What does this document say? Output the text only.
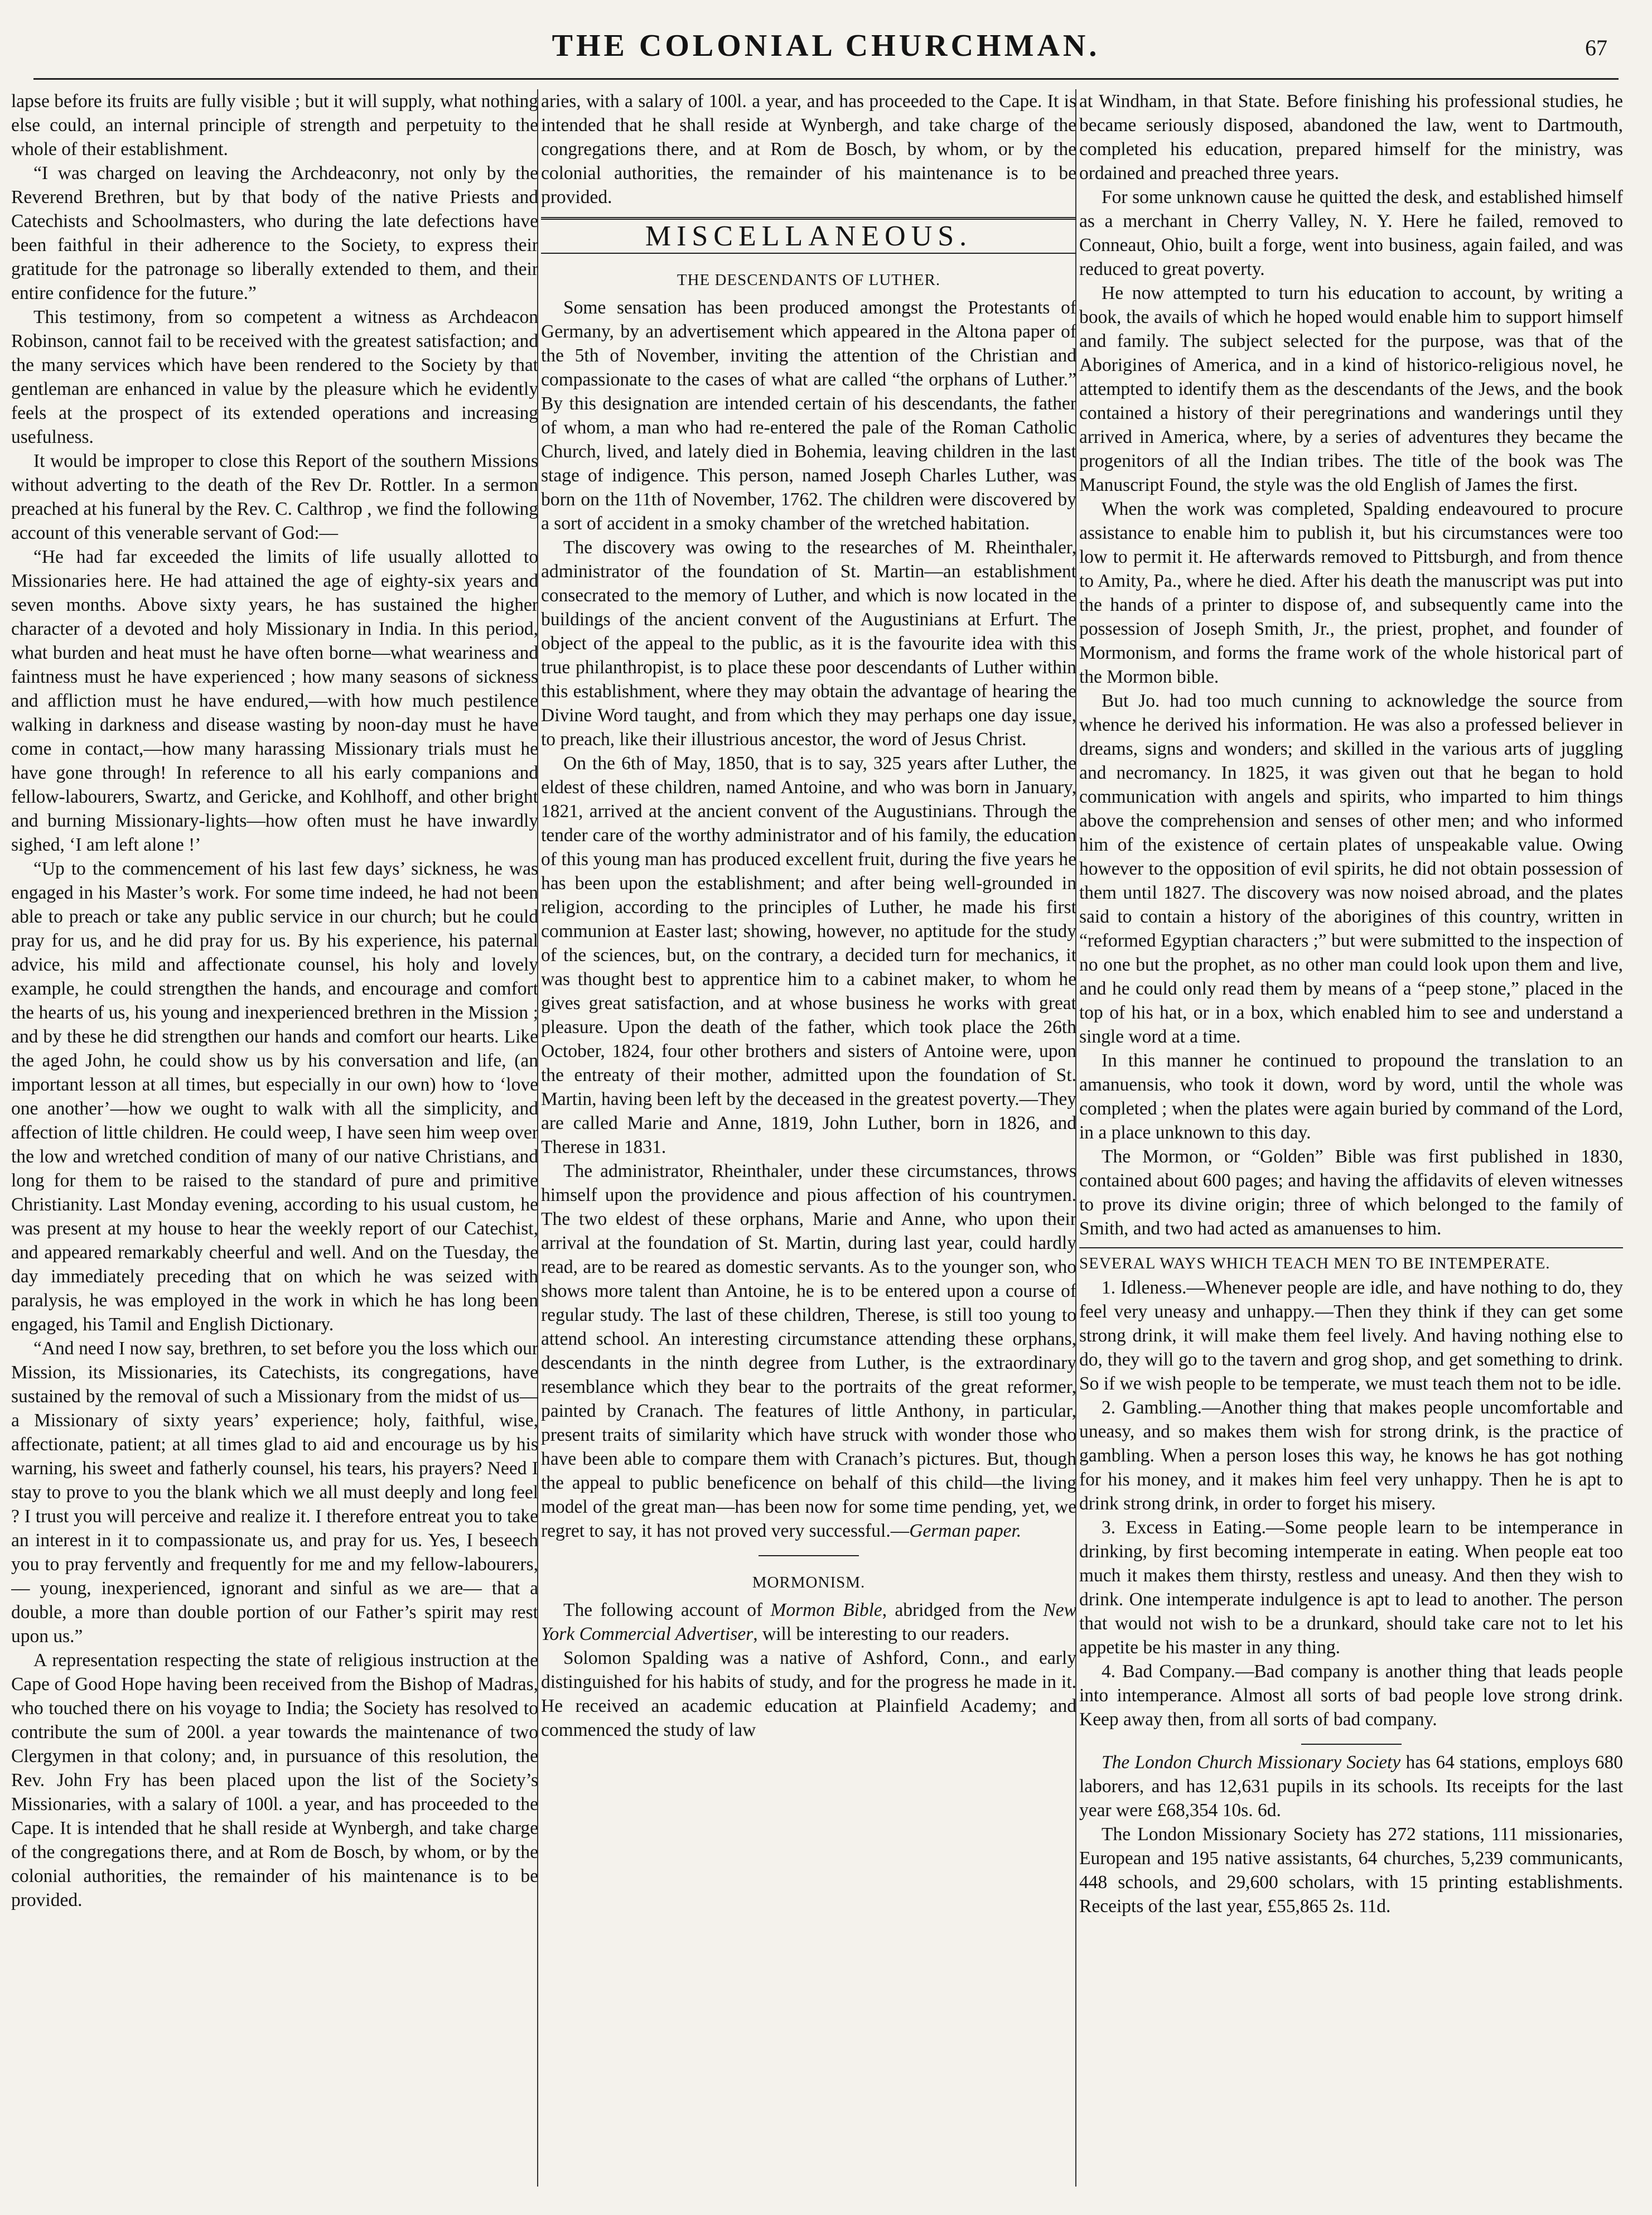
THE COLONIAL CHURCHMAN.	67

lapse before its fruits are fully visible ; but it will supply, what nothing else could, an internal principle of strength and perpetuity to the whole of their establishment.

“I was charged on leaving the Archdeaconry, not only by the Reverend Brethren, but by that body of the native Priests and Catechists and Schoolmasters, who during the late defections have been faithful in their adherence to the Society, to express their gratitude for the patronage so liberally extended to them, and their entire confidence for the future.”

This testimony, from so competent a witness as Archdeacon Robinson, cannot fail to be received with the greatest satisfaction; and the many services which have been rendered to the Society by that gentleman are enhanced in value by the pleasure which he evidently feels at the prospect of its extended operations and increasing usefulness.

It would be improper to close this Report of the southern Missions without adverting to the death of the Rev Dr. Rottler. In a sermon preached at his funeral by the Rev. C. Calthrop , we find the following account of this venerable servant of God:—

“He had far exceeded the limits of life usually allotted to Missionaries here. He had attained the age of eighty-six years and seven months. Above sixty years, he has sustained the higher character of a devoted and holy Missionary in India. In this period, what burden and heat must he have often borne—what weariness and faintness must he have experienced ; how many seasons of sickness and affliction must he have endured,—with how much pestilence walking in darkness and disease wasting by noon-day must he have come in contact,—how many harassing Missionary trials must he have gone through! In reference to all his early companions and fellow-labourers, Swartz, and Gericke, and Kohlhoff, and other bright and burning Missionary-lights—how often must he have inwardly sighed, ‘I am left alone !’

“Up to the commencement of his last few days’ sickness, he was engaged in his Master’s work. For some time indeed, he had not been able to preach or take any public service in our church; but he could pray for us, and he did pray for us. By his experience, his paternal advice, his mild and affectionate counsel, his holy and lovely example, he could strengthen the hands, and encourage and comfort the hearts of us, his young and inexperienced brethren in the Mission ; and by these he did strengthen our hands and comfort our hearts. Like the aged John, he could show us by his conversation and life, (an important lesson at all times, but especially in our own) how to ‘love one another’—how we ought to walk with all the simplicity, and affection of little children. He could weep, I have seen him weep over the low and wretched condition of many of our native Christians, and long for them to be raised to the standard of pure and primitive Christianity. Last Monday evening, according to his usual custom, he was present at my house to hear the weekly report of our Catechist, and appeared remarkably cheerful and well. And on the Tuesday, the day immediately preceding that on which he was seized with paralysis, he was employed in the work in which he has long been engaged, his Tamil and English Dictionary.

“And need I now say, brethren, to set before you the loss which our Mission, its Missionaries, its Catechists, its congregations, have sustained by the removal of such a Missionary from the midst of us—a Missionary of sixty years’ experience; holy, faithful, wise, affectionate, patient; at all times glad to aid and encourage us by his warning, his sweet and fatherly counsel, his tears, his prayers? Need I stay to prove to you the blank which we all must deeply and long feel ? I trust you will perceive and realize it. I therefore entreat you to take an interest in it to compassionate us, and pray for us. Yes, I beseech you to pray fervently and frequently for me and my fellow-labourers,— young, inexperienced, ignorant and sinful as we are— that a double, a more than double portion of our Father’s spirit may rest upon us.”

A representation respecting the state of religious instruction at the Cape of Good Hope having been received from the Bishop of Madras, who touched there on his voyage to India; the Society has resolved to contribute the sum of 200l. a year towards the maintenance of two Clergymen in that colony; and, in pursuance of this resolution, the Rev. John Fry has been placed upon the list of the Society’s Missionaries, with a salary of 100l. a year, and has proceeded to the Cape. It is intended that he shall reside at Wynbergh, and take charge of the congregations there, and at Rom de Bosch, by whom, or by the colonial authorities, the remainder of his maintenance is to be provided.

aries, with a salary of 100l. a year, and has proceeded to the Cape. It is intended that he shall reside at Wynbergh, and take charge of the congregations there, and at Rom de Bosch, by whom, or by the colonial authorities, the remainder of his maintenance is to be provided.

MISCELLANEOUS.
THE DESCENDANTS OF LUTHER.

Some sensation has been produced amongst the Protestants of Germany, by an advertisement which appeared in the Altona paper of the 5th of November, inviting the attention of the Christian and compassionate to the cases of what are called “the orphans of Luther.” By this designation are intended certain of his descendants, the father of whom, a man who had re-entered the pale of the Roman Catholic Church, lived, and lately died in Bohemia, leaving children in the last stage of indigence. This person, named Joseph Charles Luther, was born on the 11th of November, 1762. The children were discovered by a sort of accident in a smoky chamber of the wretched habitation.

The discovery was owing to the researches of M. Rheinthaler, administrator of the foundation of St. Martin—an establishment consecrated to the memory of Luther, and which is now located in the buildings of the ancient convent of the Augustinians at Erfurt. The object of the appeal to the public, as it is the favourite idea with this true philanthropist, is to place these poor descendants of Luther within this establishment, where they may obtain the advantage of hearing the Divine Word taught, and from which they may perhaps one day issue, to preach, like their illustrious ancestor, the word of Jesus Christ.

On the 6th of May, 1850, that is to say, 325 years after Luther, the eldest of these children, named Antoine, and who was born in January, 1821, arrived at the ancient convent of the Augustinians. Through the tender care of the worthy administrator and of his family, the education of this young man has produced excellent fruit, during the five years he has been upon the establishment; and after being well-grounded in religion, according to the principles of Luther, he made his first communion at Easter last; showing, however, no aptitude for the study of the sciences, but, on the contrary, a decided turn for mechanics, it was thought best to apprentice him to a cabinet maker, to whom he gives great satisfaction, and at whose business he works with great pleasure. Upon the death of the father, which took place the 26th October, 1824, four other brothers and sisters of Antoine were, upon the entreaty of their mother, admitted upon the foundation of St. Martin, having been left by the deceased in the greatest poverty.—They are called Marie and Anne, 1819, John Luther, born in 1826, and Therese in 1831.

The administrator, Rheinthaler, under these circumstances, throws himself upon the providence and pious affection of his countrymen. The two eldest of these orphans, Marie and Anne, who upon their arrival at the foundation of St. Martin, during last year, could hardly read, are to be reared as domestic servants. As to the younger son, who shows more talent than Antoine, he is to be entered upon a course of regular study. The last of these children, Therese, is still too young to attend school. An interesting circumstance attending these orphans, descendants in the ninth degree from Luther, is the extraordinary resemblance which they bear to the portraits of the great reformer, painted by Cranach. The features of little Anthony, in particular, present traits of similarity which have struck with wonder those who have been able to compare them with Cranach’s pictures. But, though the appeal to public beneficence on behalf of this child—the living model of the great man—has been now for some time pending, yet, we regret to say, it has not proved very successful.—German paper.

MORMONISM.

The following account of Mormon Bible, abridged from the New York Commercial Advertiser, will be interesting to our readers.

Solomon Spalding was a native of Ashford, Conn., and early distinguished for his habits of study, and for the progress he made in it. He received an academic education at Plainfield Academy; and commenced the study of law

at Windham, in that State. Before finishing his professional studies, he became seriously disposed, abandoned the law, went to Dartmouth, completed his education, prepared himself for the ministry, was ordained and preached three years.

For some unknown cause he quitted the desk, and established himself as a merchant in Cherry Valley, N. Y. Here he failed, removed to Conneaut, Ohio, built a forge, went into business, again failed, and was reduced to great poverty.

He now attempted to turn his education to account, by writing a book, the avails of which he hoped would enable him to support himself and family. The subject selected for the purpose, was that of the Aborigines of America, and in a kind of historico-religious novel, he attempted to identify them as the descendants of the Jews, and the book contained a history of their peregrinations and wanderings until they arrived in America, where, by a series of adventures they became the progenitors of all the Indian tribes. The title of the book was The Manuscript Found, the style was the old English of James the first.

When the work was completed, Spalding endeavoured to procure assistance to enable him to publish it, but his circumstances were too low to permit it. He afterwards removed to Pittsburgh, and from thence to Amity, Pa., where he died. After his death the manuscript was put into the hands of a printer to dispose of, and subsequently came into the possession of Joseph Smith, Jr., the priest, prophet, and founder of Mormonism, and forms the frame work of the whole historical part of the Mormon bible.

But Jo. had too much cunning to acknowledge the source from whence he derived his information. He was also a professed believer in dreams, signs and wonders; and skilled in the various arts of juggling and necromancy. In 1825, it was given out that he began to hold communication with angels and spirits, who imparted to him things above the comprehension and senses of other men; and who informed him of the existence of certain plates of unspeakable value. Owing however to the opposition of evil spirits, he did not obtain possession of them until 1827. The discovery was now noised abroad, and the plates said to contain a history of the aborigines of this country, written in “reformed Egyptian characters ;” but were submitted to the inspection of no one but the prophet, as no other man could look upon them and live, and he could only read them by means of a “peep stone,” placed in the top of his hat, or in a box, which enabled him to see and understand a single word at a time.

In this manner he continued to propound the translation to an amanuensis, who took it down, word by word, until the whole was completed ; when the plates were again buried by command of the Lord, in a place unknown to this day.

The Mormon, or “Golden” Bible was first published in 1830, contained about 600 pages; and having the affidavits of eleven witnesses to prove its divine origin; three of which belonged to the family of Smith, and two had acted as amanuenses to him.

SEVERAL WAYS WHICH TEACH MEN TO BE INTEMPERATE.

1. Idleness.—Whenever people are idle, and have nothing to do, they feel very uneasy and unhappy.—Then they think if they can get some strong drink, it will make them feel lively. And having nothing else to do, they will go to the tavern and grog shop, and get something to drink. So if we wish people to be temperate, we must teach them not to be idle.

2. Gambling.—Another thing that makes people uncomfortable and uneasy, and so makes them wish for strong drink, is the practice of gambling. When a person loses this way, he knows he has got nothing for his money, and it makes him feel very unhappy. Then he is apt to drink strong drink, in order to forget his misery.

3. Excess in Eating.—Some people learn to be intemperance in drinking, by first becoming intemperate in eating. When people eat too much it makes them thirsty, restless and uneasy. And then they wish to drink. One intemperate indulgence is apt to lead to another. The person that would not wish to be a drunkard, should take care not to let his appetite be his master in any thing.

4. Bad Company.—Bad company is another thing that leads people into intemperance. Almost all sorts of bad people love strong drink. Keep away then, from all sorts of bad company.

The London Church Missionary Society has 64 stations, employs 680 laborers, and has 12,631 pupils in its schools. Its receipts for the last year were £68,354 10s. 6d.

The London Missionary Society has 272 stations, 111 missionaries, European and 195 native assistants, 64 churches, 5,239 communicants, 448 schools, and 29,600 scholars, with 15 printing establishments. Receipts of the last year, £55,865 2s. 11d.
